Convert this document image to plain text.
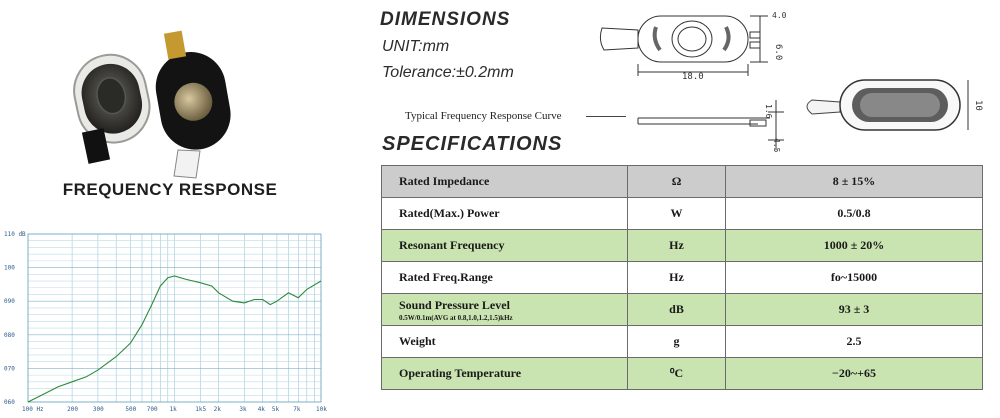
FREQUENCY RESPONSE
110 dB
100
090
080
070
060
100 Hz	200 300	500 700 1k	1k5 2k	3k 4k 5k 7k	10k
DIMENSIONS
UNIT:mm
Tolerance:±0.2mm
Typical Frequency Response Curve
18.0
6.0
4.0
1.6
4.5
10
SPECIFICATIONS
Rated Impedance	Ω	8 ± 15%
Rated(Max.) Power	W	0.5/0.8
Resonant Frequency	Hz	1000 ± 20%
Rated Freq.Range	Hz	fo~15000
Sound Pressure Level
0.5W/0.1m(AVG at 0.8,1.0,1.2,1.5)kHz	dB	93 ± 3
Weight	g	2.5
Operating Temperature	⁰C	−20~+65
